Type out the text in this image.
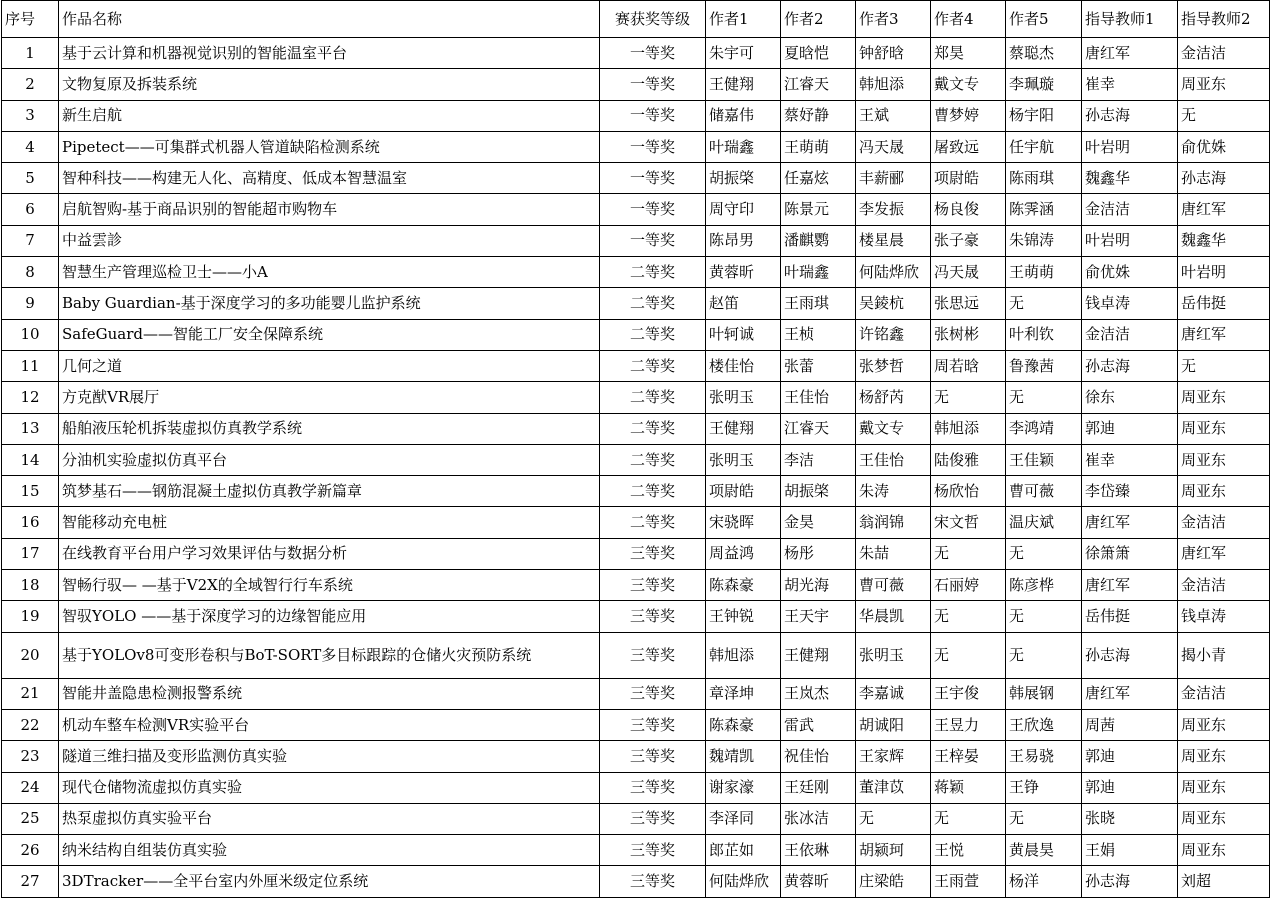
序号	作品名称	赛获奖等级	作者1	作者2	作者3	作者4	作者5	指导教师1	指导教师2
1	基于云计算和机器视觉识别的智能温室平台	一等奖	朱宇可	夏晗恺	钟舒晗	郑昊	蔡聪杰	唐红军	金洁洁
2	文物复原及拆装系统	一等奖	王健翔	江睿天	韩旭添	戴文专	李珮璇	崔幸	周亚东
3	新生启航	一等奖	储嘉伟	蔡妤静	王斌	曹梦婷	杨宇阳	孙志海	无
4	Pipetect——可集群式机器人管道缺陷检测系统	一等奖	叶瑞鑫	王萌萌	冯天晟	屠致远	任宇航	叶岩明	俞优姝
5	智种科技——构建无人化、高精度、低成本智慧温室	一等奖	胡振棨	任嘉炫	丰薪郦	项尉皓	陈雨琪	魏鑫华	孙志海
6	启航智购-基于商品识别的智能超市购物车	一等奖	周守印	陈景元	李发振	杨良俊	陈霁涵	金洁洁	唐红军
7	中益雲診	一等奖	陈昂男	潘麒鹦	楼星晨	张子豪	朱锦涛	叶岩明	魏鑫华
8	智慧生产管理巡检卫士——小A	二等奖	黄蓉昕	叶瑞鑫	何陆烨欣	冯天晟	王萌萌	俞优姝	叶岩明
9	Baby Guardian-基于深度学习的多功能婴儿监护系统	二等奖	赵笛	王雨琪	吴錂杭	张思远	无	钱卓涛	岳伟挺
10	SafeGuard——智能工厂安全保障系统	二等奖	叶轲诚	王桢	许铭鑫	张树彬	叶利钦	金洁洁	唐红军
11	几何之道	二等奖	楼佳怡	张蕾	张梦哲	周若晗	鲁豫茜	孙志海	无
12	方克猷VR展厅	二等奖	张明玉	王佳怡	杨舒芮	无	无	徐东	周亚东
13	船舶液压轮机拆装虚拟仿真教学系统	二等奖	王健翔	江睿天	戴文专	韩旭添	李鸿靖	郭迪	周亚东
14	分油机实验虚拟仿真平台	二等奖	张明玉	李洁	王佳怡	陆俊雅	王佳颖	崔幸	周亚东
15	筑梦基石——钢筋混凝土虚拟仿真教学新篇章	二等奖	项尉皓	胡振棨	朱涛	杨欣怡	曹可薇	李岱臻	周亚东
16	智能移动充电桩	二等奖	宋骁晖	金昊	翁润锦	宋文哲	温庆斌	唐红军	金洁洁
17	在线教育平台用户学习效果评估与数据分析	三等奖	周益鸿	杨彤	朱喆	无	无	徐箫箫	唐红军
18	智畅行驭— —基于V2X的全域智行行车系统	三等奖	陈森豪	胡光海	曹可薇	石丽婷	陈彦桦	唐红军	金洁洁
19	智驭YOLO ——基于深度学习的边缘智能应用	三等奖	王钟锐	王天宇	华晨凯	无	无	岳伟挺	钱卓涛
20	基于YOLOv8可变形卷积与BoT-SORT多目标跟踪的仓储火灾预防系统	三等奖	韩旭添	王健翔	张明玉	无	无	孙志海	揭小青
21	智能井盖隐患检测报警系统	三等奖	章泽坤	王岚杰	李嘉诚	王宇俊	韩展钢	唐红军	金洁洁
22	机动车整车检测VR实验平台	三等奖	陈森豪	雷武	胡诚阳	王昱力	王欣逸	周茜	周亚东
23	隧道三维扫描及变形监测仿真实验	三等奖	魏靖凯	祝佳怡	王家辉	王梓晏	王易骁	郭迪	周亚东
24	现代仓储物流虚拟仿真实验	三等奖	谢家濠	王廷刚	董津苡	蒋颖	王铮	郭迪	周亚东
25	热泵虚拟仿真实验平台	三等奖	李泽同	张冰洁	无	无	无	张晓	周亚东
26	纳米结构自组装仿真实验	三等奖	郎芷如	王依琳	胡颍珂	王悦	黄晨昊	王娟	周亚东
27	3DTracker——全平台室内外厘米级定位系统	三等奖	何陆烨欣	黄蓉昕	庄梁皓	王雨萱	杨洋	孙志海	刘超
